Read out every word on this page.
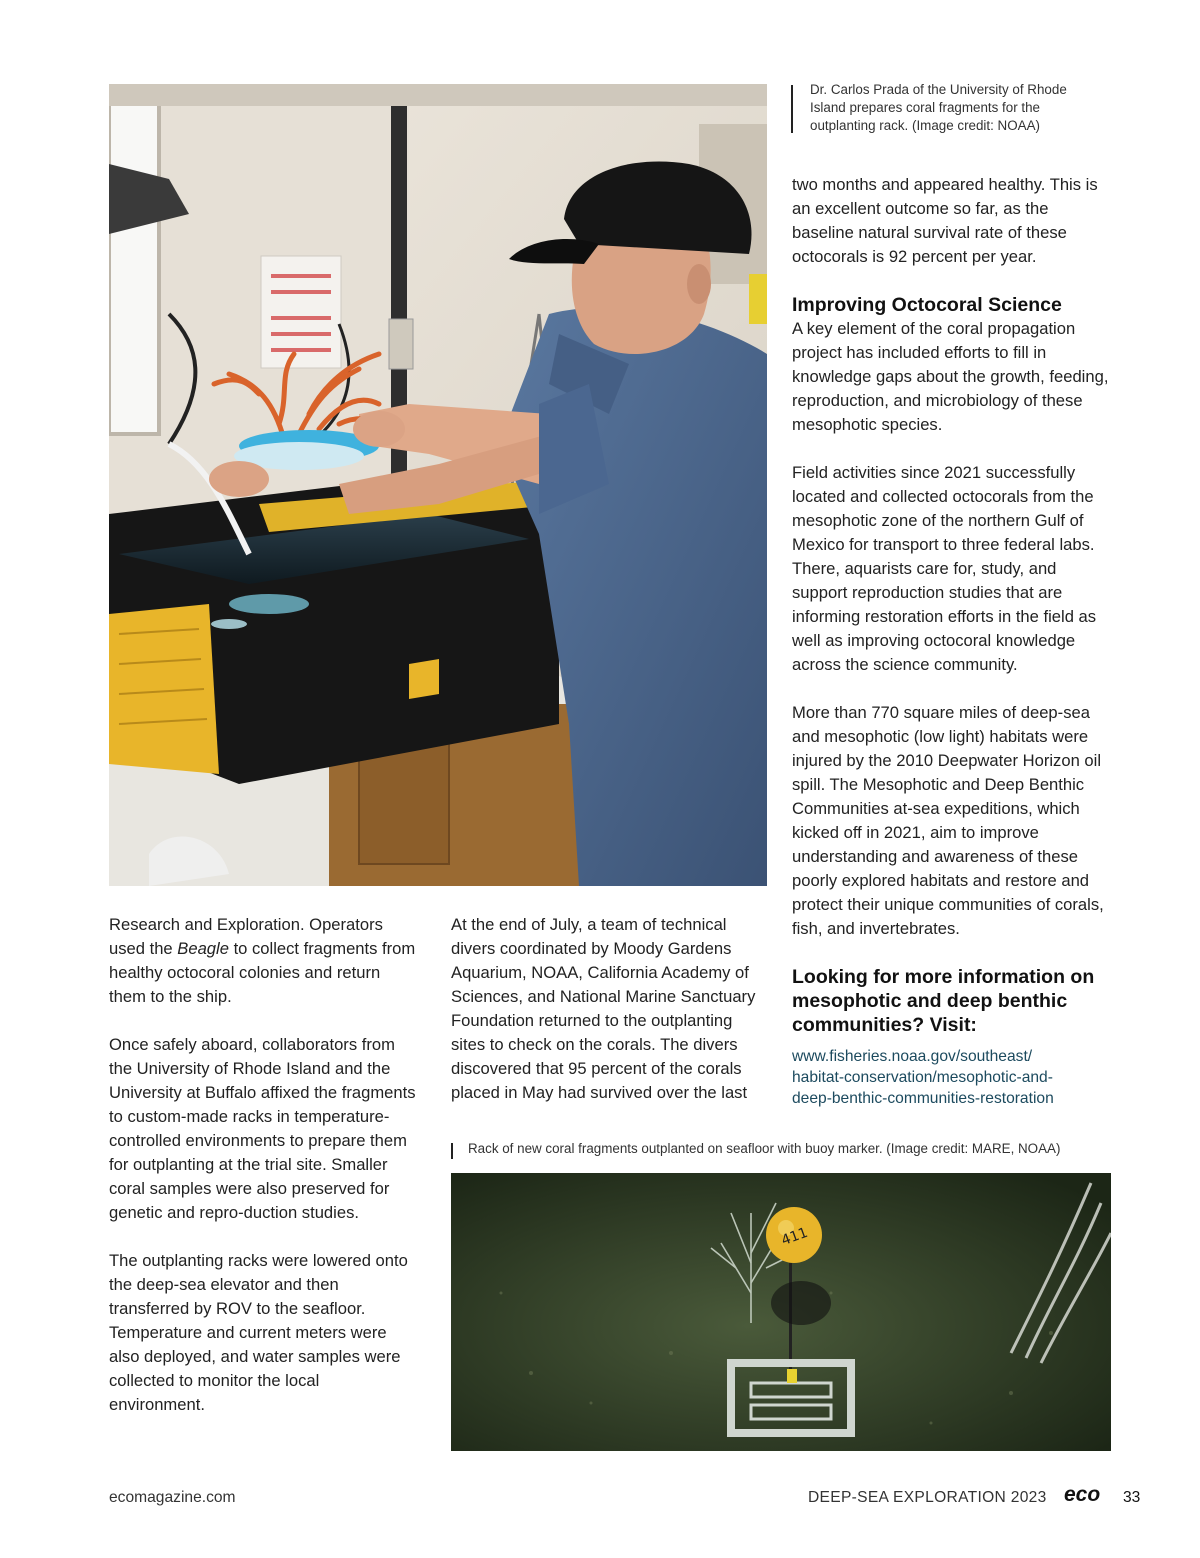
Dr. Carlos Prada of the University of Rhode Island prepares coral fragments for the outplanting rack. (Image credit: NOAA)

two months and appeared healthy. This is an excellent outcome so far, as the baseline natural survival rate of these octocorals is 92 percent per year.

Improving Octocoral Science

A key element of the coral propagation project has included efforts to fill in knowledge gaps about the growth, feeding, reproduction, and microbiology of these mesophotic species.

Field activities since 2021 successfully located and collected octocorals from the mesophotic zone of the northern Gulf of Mexico for transport to three federal labs. There, aquarists care for, study, and support reproduction studies that are informing restoration efforts in the field as well as improving octocoral knowledge across the science community.

More than 770 square miles of deep-sea and mesophotic (low light) habitats were injured by the 2010 Deepwater Horizon oil spill. The Mesophotic and Deep Benthic Communities at-sea expeditions, which kicked off in 2021, aim to improve understanding and awareness of these poorly explored habitats and restore and protect their unique communities of corals, fish, and invertebrates.

Looking for more information on mesophotic and deep benthic communities? Visit:
www.fisheries.noaa.gov/southeast/
habitat-conservation/mesophotic-and-
deep-benthic-communities-restoration

Research and Exploration. Operators used the Beagle to collect fragments from healthy octocoral colonies and return them to the ship.

Once safely aboard, collaborators from the University of Rhode Island and the University at Buffalo affixed the fragments to custom-made racks in temperature-controlled environments to prepare them for outplanting at the trial site. Smaller coral samples were also preserved for genetic and repro-duction studies.

The outplanting racks were lowered onto the deep-sea elevator and then transferred by ROV to the seafloor. Temperature and current meters were also deployed, and water samples were collected to monitor the local environment.

At the end of July, a team of technical divers coordinated by Moody Gardens Aquarium, NOAA, California Academy of Sciences, and National Marine Sanctuary Foundation returned to the outplanting sites to check on the corals. The divers discovered that 95 percent of the corals placed in May had survived over the last

Rack of new coral fragments outplanted on seafloor with buoy marker. (Image credit: MARE, NOAA)
411
ecomagazine.com	DEEP-SEA EXPLORATION 2023 eco 33
